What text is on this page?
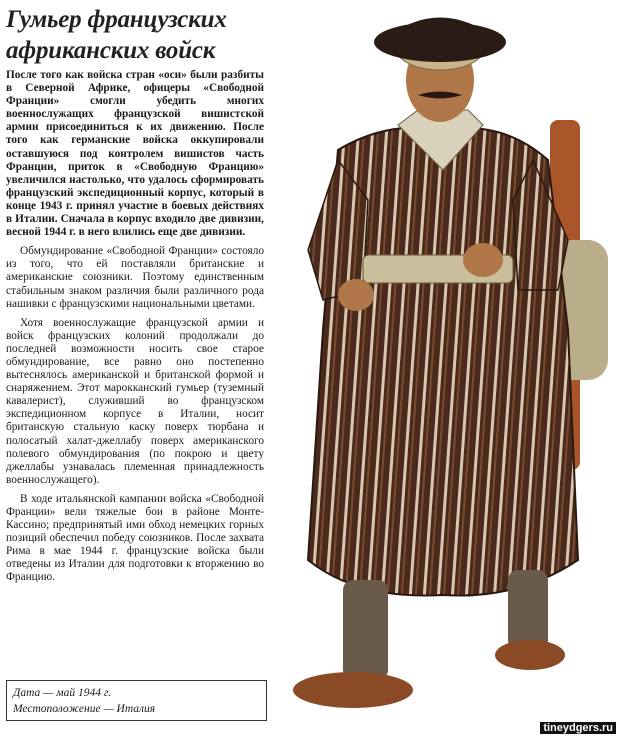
Гумьер французских африканских войск

После того как войска стран «оси» были разбиты в Северной Африке, офицеры «Свободной Франции» смогли убедить многих военнослужащих французской вишистской армии присоединиться к их движению. После того как германские войска оккупировали оставшуюся под контролем вишистов часть Франции, приток в «Свободную Францию» увеличился настолько, что удалось сформировать французский экспедиционный корпус, который в конце 1943 г. принял участие в боевых действиях в Италии. Сначала в корпус входило две дивизии, весной 1944 г. в него влились еще две дивизии.

Обмундирование «Свободной Франции» состояло из того, что ей поставляли британские и американские союзники. Поэтому единственным стабильным знаком различия были различного рода нашивки с французскими национальными цветами.

Хотя военнослужащие французской армии и войск французских колоний продолжали до последней возможности носить свое старое обмундирование, все равно оно постепенно вытеснялось американской и британской формой и снаряжением. Этот марокканский гумьер (туземный кавалерист), служивший во французском экспедиционном корпусе в Италии, носит британскую стальную каску поверх тюрбана и полосатый халат-джеллабу поверх американского полевого обмундирования (по покрою и цвету джеллабы узнавалась племенная принадлежность военнослужащего).

В ходе итальянской кампании войска «Свободной Франции» вели тяжелые бои в районе Монте-Кассино; предпринятый ими обход немецких горных позиций обеспечил победу союзников. После захвата Рима в мае 1944 г. французские войска были отведены из Италии для подготовки к вторжению во Францию.

Дата — май 1944 г.
Местоположение — Италия
tineydgers.ru
